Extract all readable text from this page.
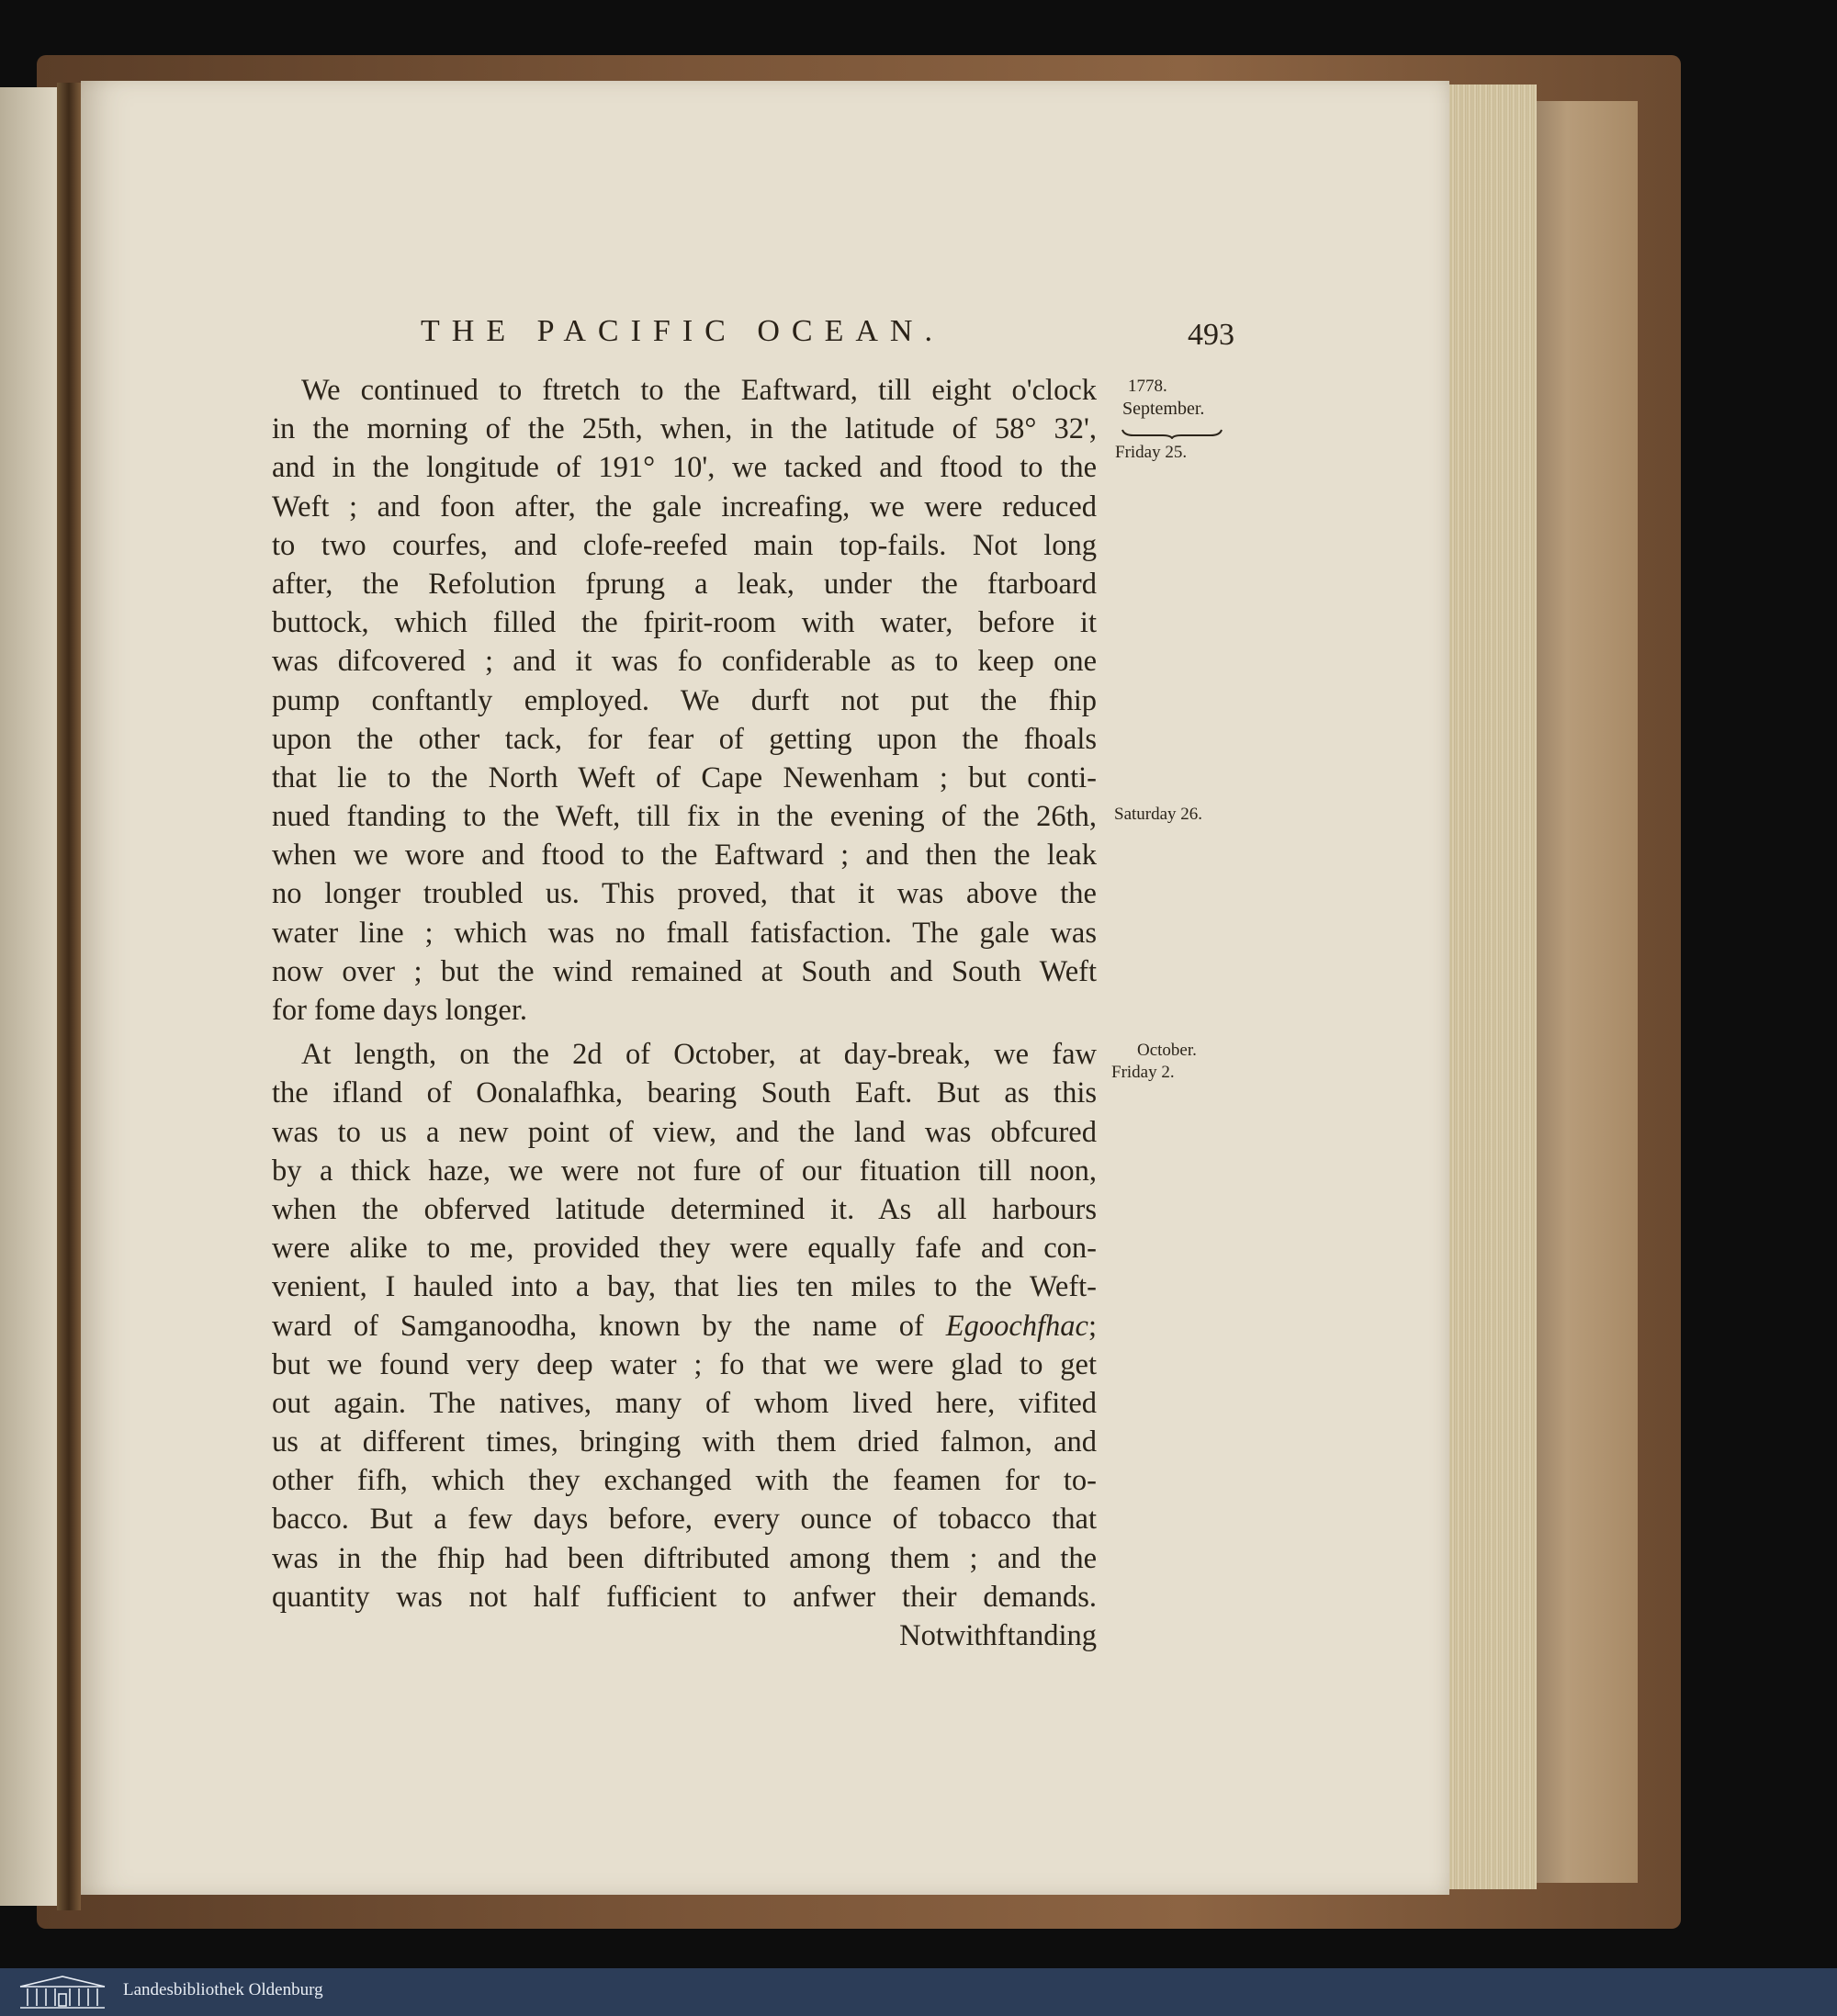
THE PACIFIC OCEAN.	493
1778.
September.
Friday 25.
Saturday 26.
October.
Friday 2.
We continued to ftretch to the Eaftward, till eight o'clock
in the morning of the 25th, when, in the latitude of 58° 32',
and in the longitude of 191° 10', we tacked and ftood to the
Weft ; and foon after, the gale increafing, we were reduced
to two courfes, and clofe-reefed main top-fails. Not long
after, the Refolution fprung a leak, under the ftarboard
buttock, which filled the fpirit-room with water, before it
was difcovered ; and it was fo confiderable as to keep one
pump conftantly employed. We durft not put the fhip
upon the other tack, for fear of getting upon the fhoals
that lie to the North Weft of Cape Newenham ; but conti-
nued ftanding to the Weft, till fix in the evening of the 26th,
when we wore and ftood to the Eaftward ; and then the leak
no longer troubled us. This proved, that it was above the
water line ; which was no fmall fatisfaction. The gale was
now over ; but the wind remained at South and South Weft
for fome days longer.
At length, on the 2d of October, at day-break, we faw
the ifland of Oonalafhka, bearing South Eaft. But as this
was to us a new point of view, and the land was obfcured
by a thick haze, we were not fure of our fituation till noon,
when the obferved latitude determined it. As all harbours
were alike to me, provided they were equally fafe and con-
venient, I hauled into a bay, that lies ten miles to the Weft-
ward of Samganoodha, known by the name of Egoochfhac;
but we found very deep water ; fo that we were glad to get
out again. The natives, many of whom lived here, vifited
us at different times, bringing with them dried falmon, and
other fifh, which they exchanged with the feamen for to-
bacco. But a few days before, every ounce of tobacco that
was in the fhip had been diftributed among them ; and the
quantity was not half fufficient to anfwer their demands.
Notwithftanding
Landesbibliothek Oldenburg
